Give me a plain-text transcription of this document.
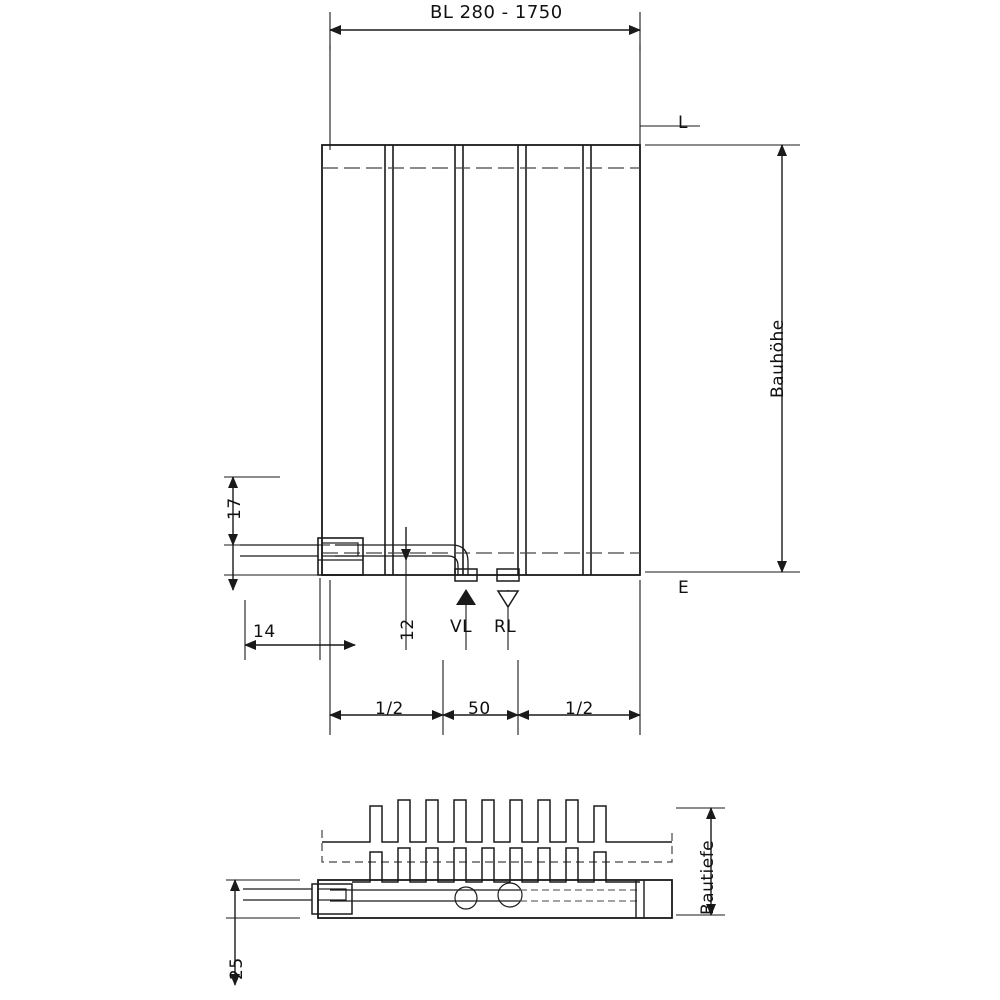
BL 280 - 1750
Bauhöhe
L
E
17
14	12 VL RL
1/2	50	1/2
Bautiefe
25
